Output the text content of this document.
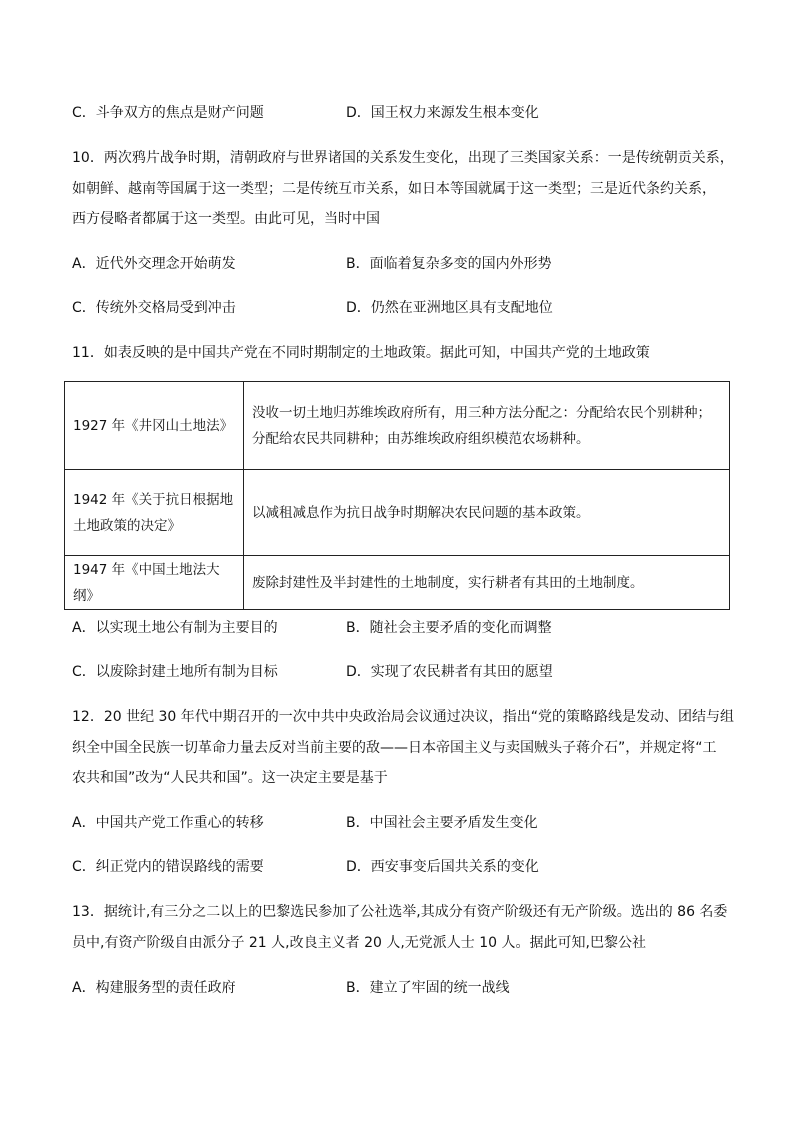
C．斗争双方的焦点是财产问题	D．国王权力来源发生根本变化
10．两次鸦片战争时期，清朝政府与世界诸国的关系发生变化，出现了三类国家关系：一是传统朝贡关系，
如朝鲜、越南等国属于这一类型；二是传统互市关系，如日本等国就属于这一类型；三是近代条约关系，
西方侵略者都属于这一类型。由此可见，当时中国
A．近代外交理念开始萌发	B．面临着复杂多变的国内外形势
C．传统外交格局受到冲击	D．仍然在亚洲地区具有支配地位
11．如表反映的是中国共产党在不同时期制定的土地政策。据此可知，中国共产党的土地政策
1927 年《井冈山土地法》	没收一切土地归苏维埃政府所有，用三种方法分配之：分配给农民个别耕种；
分配给农民共同耕种；由苏维埃政府组织模范农场耕种。

1942 年《关于抗日根据地
土地政策的决定》	以减租减息作为抗日战争时期解决农民问题的基本政策。

1947 年《中国土地法大纲》	废除封建性及半封建性的土地制度，实行耕者有其田的土地制度。
A．以实现土地公有制为主要目的	B．随社会主要矛盾的变化而调整
C．以废除封建土地所有制为目标	D．实现了农民耕者有其田的愿望
12．20 世纪 30 年代中期召开的一次中共中央政治局会议通过决议，指出“党的策略路线是发动、团结与组
织全中国全民族一切革命力量去反对当前主要的敌——日本帝国主义与卖国贼头子蒋介石”，并规定将“工
农共和国”改为“人民共和国”。这一决定主要是基于
A．中国共产党工作重心的转移	B．中国社会主要矛盾发生变化
C．纠正党内的错误路线的需要	D．西安事变后国共关系的变化
13．据统计,有三分之二以上的巴黎选民参加了公社选举,其成分有资产阶级还有无产阶级。选出的 86 名委
员中,有资产阶级自由派分子 21 人,改良主义者 20 人,无党派人士 10 人。据此可知,巴黎公社
A．构建服务型的责任政府	B．建立了牢固的统一战线
